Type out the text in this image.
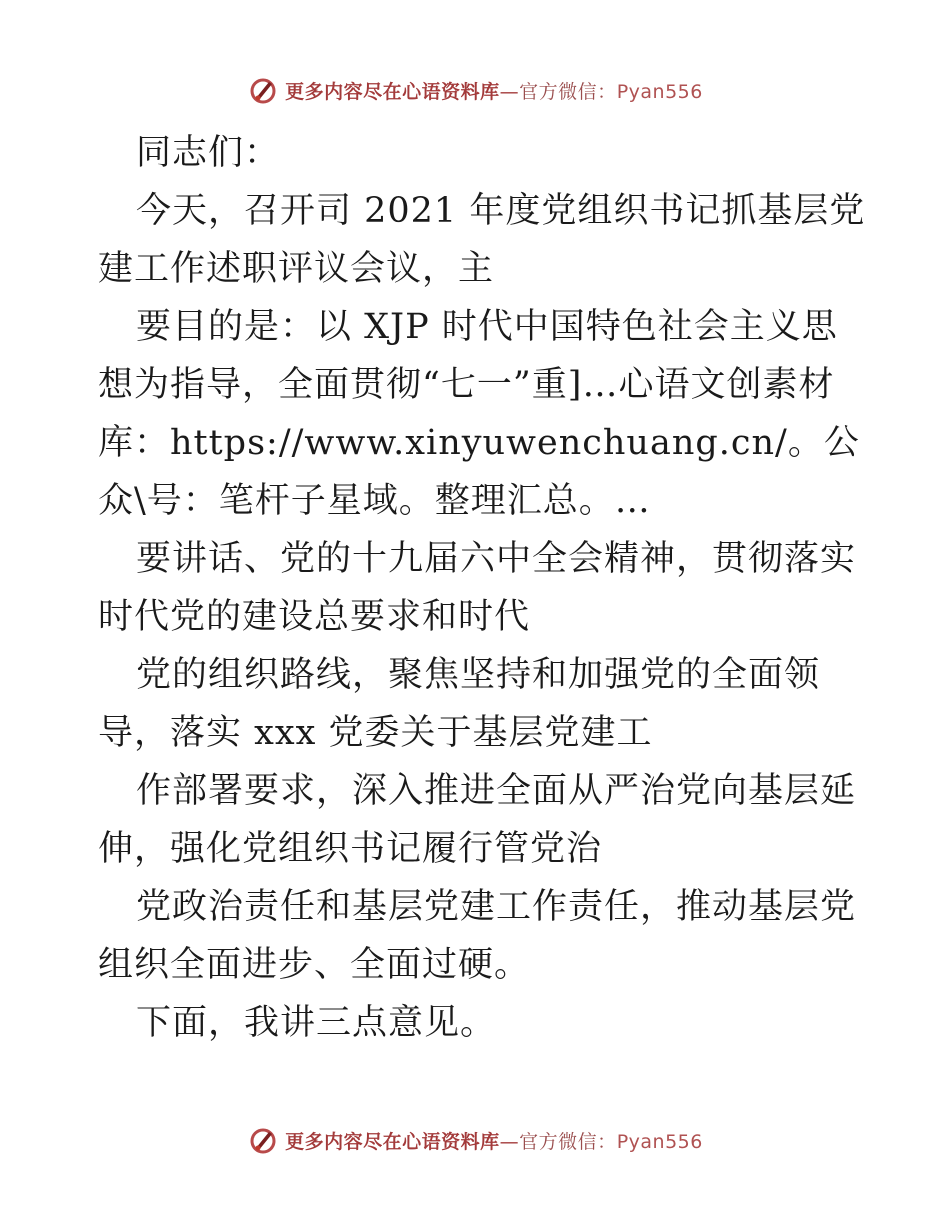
更多内容尽在心语资料库 — 官方微信： Pyan556

同志们：

今天，召开司 2021 年度党组织书记抓基层党建工作述职评议会议，主

要目的是：以 XJP 时代中国特色社会主义思想为指导，全面贯彻“七一”重]…心语文创素材库：https://www.xinyuwenchuang.cn/。公众\号：笔杆子星域。整理汇总。…

要讲话、党的十九届六中全会精神，贯彻落实时代党的建设总要求和时代

党的组织路线，聚焦坚持和加强党的全面领导，落实 xxx 党委关于基层党建工

作部署要求，深入推进全面从严治党向基层延伸，强化党组织书记履行管党治

党政治责任和基层党建工作责任，推动基层党组织全面进步、全面过硬。

下面，我讲三点意见。

更多内容尽在心语资料库 — 官方微信： Pyan556
